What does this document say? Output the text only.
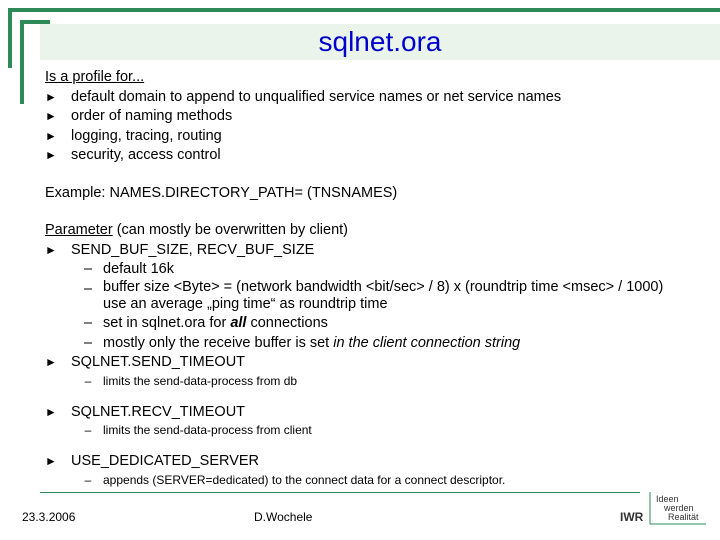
sqlnet.ora
Is a profile for...
► default domain to append to unqualified service names or net service names
► order of naming methods
► logging, tracing, routing
► security, access control
Example: NAMES.DIRECTORY_PATH= (TNSNAMES)
Parameter (can mostly be overwritten by client)
► SEND_BUF_SIZE, RECV_BUF_SIZE
– default 16k
– buffer size <Byte> = (network bandwidth <bit/sec> / 8) x (roundtrip time <msec> / 1000)
use an average „ping time“ as roundtrip time
– set in sqlnet.ora for all connections
– mostly only the receive buffer is set in the client connection string
► SQLNET.SEND_TIMEOUT
– limits the send-data-process from db
► SQLNET.RECV_TIMEOUT
– limits the send-data-process from client
► USE_DEDICATED_SERVER
– appends (SERVER=dedicated) to the connect data for a connect descriptor.
23.3.2006	D.Wochele	IWR
Ideen
werden
Realität
